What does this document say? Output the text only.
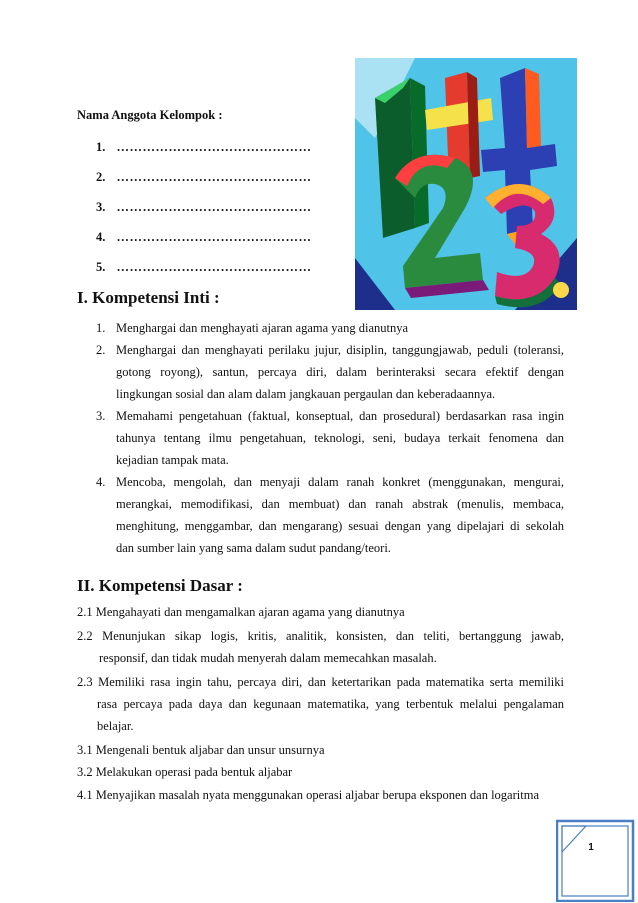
Nama Anggota Kelompok :
1. ………………………………………
2. ………………………………………
3. ………………………………………
4. ………………………………………
5. ………………………………………
I. Kompetensi Inti :
1. Menghargai dan menghayati ajaran agama yang dianutnya
2. Menghargai dan menghayati perilaku jujur, disiplin, tanggungjawab, peduli (toleransi,
gotong royong), santun, percaya diri, dalam berinteraksi secara efektif dengan
lingkungan sosial dan alam dalam jangkauan pergaulan dan keberadaannya.
3. Memahami pengetahuan (faktual, konseptual, dan prosedural) berdasarkan rasa ingin
tahunya tentang ilmu pengetahuan, teknologi, seni, budaya terkait fenomena dan
kejadian tampak mata.
4. Mencoba, mengolah, dan menyaji dalam ranah konkret (menggunakan, mengurai,
merangkai, memodifikasi, dan membuat) dan ranah abstrak (menulis, membaca,
menghitung, menggambar, dan mengarang) sesuai dengan yang dipelajari di sekolah
dan sumber lain yang sama dalam sudut pandang/teori.
II. Kompetensi Dasar :
2.1 Mengahayati dan mengamalkan ajaran agama yang dianutnya
2.2 Menunjukan sikap logis, kritis, analitik, konsisten, dan teliti, bertanggung jawab,
responsif, dan tidak mudah menyerah dalam memecahkan masalah.
2.3 Memiliki rasa ingin tahu, percaya diri, dan ketertarikan pada matematika serta memiliki
rasa percaya pada daya dan kegunaan matematika, yang terbentuk melalui pengalaman
belajar.
3.1 Mengenali bentuk aljabar dan unsur unsurnya
3.2 Melakukan operasi pada bentuk aljabar
4.1 Menyajikan masalah nyata menggunakan operasi aljabar berupa eksponen dan logaritma
1
